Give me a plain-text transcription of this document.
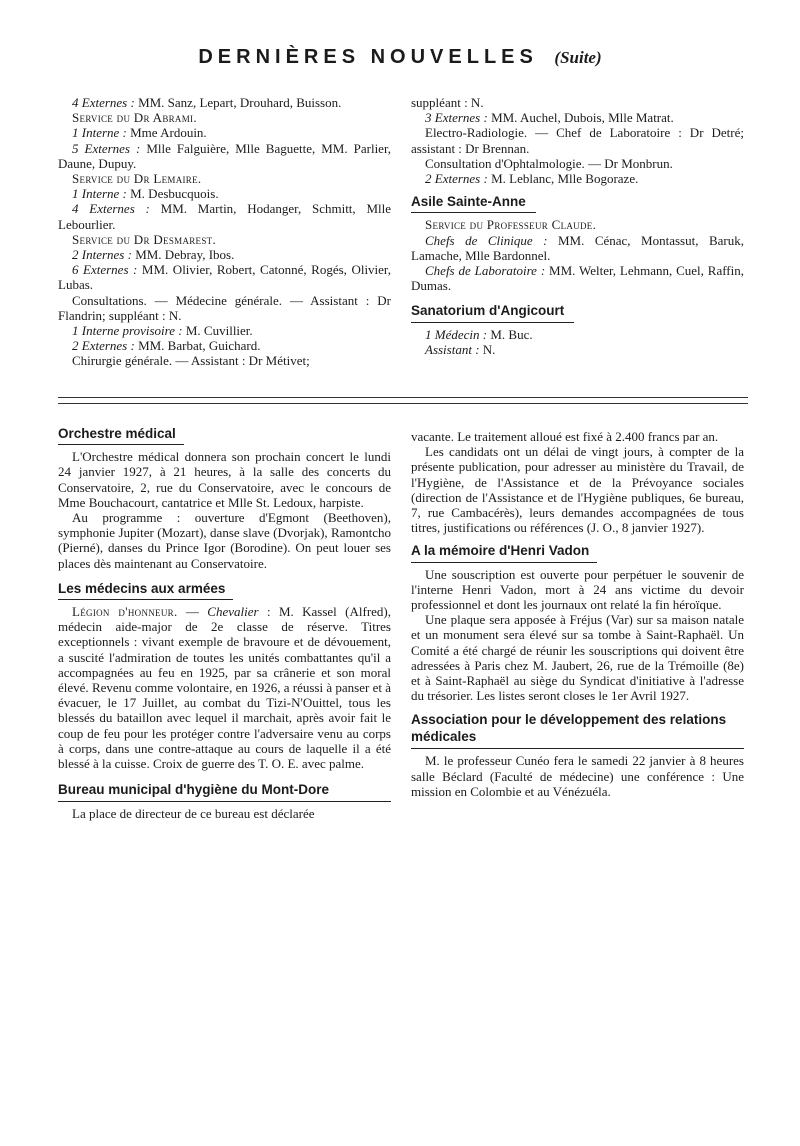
DERNIÈRES NOUVELLES (Suite)

4 Externes : MM. Sanz, Lepart, Drouhard, Buisson.

Service du Dr Abrami.

1 Interne : Mme Ardouin.

5 Externes : Mlle Falguière, Mlle Baguette, MM. Parlier, Daune, Dupuy.

Service du Dr Lemaire.

1 Interne : M. Desbucquois.

4 Externes : MM. Martin, Hodanger, Schmitt, Mlle Lebourlier.

Service du Dr Desmarest.

2 Internes : MM. Debray, Ibos.

6 Externes : MM. Olivier, Robert, Catonné, Rogés, Olivier, Lubas.

Consultations. — Médecine générale. — Assistant : Dr Flandrin; suppléant : N.

1 Interne provisoire : M. Cuvillier.

2 Externes : MM. Barbat, Guichard.

Chirurgie générale. — Assistant : Dr Métivet;

suppléant : N.

3 Externes : MM. Auchel, Dubois, Mlle Matrat.

Electro-Radiologie. — Chef de Laboratoire : Dr Detré; assistant : Dr Brennan.

Consultation d'Ophtalmologie. — Dr Monbrun.

2 Externes : M. Leblanc, Mlle Bogoraze.

Asile Sainte-Anne

Service du Professeur Claude.

Chefs de Clinique : MM. Cénac, Montassut, Baruk, Lamache, Mlle Bardonnel.

Chefs de Laboratoire : MM. Welter, Lehmann, Cuel, Raffin, Dumas.

Sanatorium d'Angicourt

1 Médecin : M. Buc.

Assistant : N.

Orchestre médical

L'Orchestre médical donnera son prochain concert le lundi 24 janvier 1927, à 21 heures, à la salle des concerts du Conservatoire, 2, rue du Conservatoire, avec le concours de Mme Bouchacourt, cantatrice et Mlle St. Ledoux, harpiste.

Au programme : ouverture d'Egmont (Beethoven), symphonie Jupiter (Mozart), danse slave (Dvorjak), Ramontcho (Pierné), danses du Prince Igor (Borodine). On peut louer ses places dès maintenant au Conservatoire.

Les médecins aux armées

Légion d'honneur. — Chevalier : M. Kassel (Alfred), médecin aide-major de 2e classe de réserve. Titres exceptionnels : vivant exemple de bravoure et de dévouement, a suscité l'admiration de toutes les unités combattantes qu'il a accompagnées au feu en 1925, par sa crânerie et son moral élevé. Revenu comme volontaire, en 1926, a réussi à panser et à évacuer, le 17 Juillet, au combat du Tizi-N'Ouittel, tous les blessés du bataillon avec lequel il marchait, après avoir fait le coup de feu pour les protéger contre l'adversaire venu au corps à corps, dans une contre-attaque au cours de laquelle il a été blessé à la cuisse. Croix de guerre des T. O. E. avec palme.

Bureau municipal d'hygiène du Mont-Dore

La place de directeur de ce bureau est déclarée

vacante. Le traitement alloué est fixé à 2.400 francs par an.

Les candidats ont un délai de vingt jours, à compter de la présente publication, pour adresser au ministère du Travail, de l'Hygiène, de l'Assistance et de la Prévoyance sociales (direction de l'Assistance et de l'Hygiène publiques, 6e bureau, 7, rue Cambacérès), leurs demandes accompagnées de tous titres, justifications ou références (J. O., 8 janvier 1927).

A la mémoire d'Henri Vadon

Une souscription est ouverte pour perpétuer le souvenir de l'interne Henri Vadon, mort à 24 ans victime du devoir professionnel et dont les journaux ont relaté la fin héroïque.

Une plaque sera apposée à Fréjus (Var) sur sa maison natale et un monument sera élevé sur sa tombe à Saint-Raphaël. Un Comité a été chargé de réunir les souscriptions qui doivent être adressées à Paris chez M. Jaubert, 26, rue de la Trémoille (8e) et à Saint-Raphaël au siège du Syndicat d'initiative à l'adresse du trésorier. Les listes seront closes le 1er Avril 1927.

Association pour le développement des relations médicales

M. le professeur Cunéo fera le samedi 22 janvier à 8 heures salle Béclard (Faculté de médecine) une conférence : Une mission en Colombie et au Vénézuéla.
